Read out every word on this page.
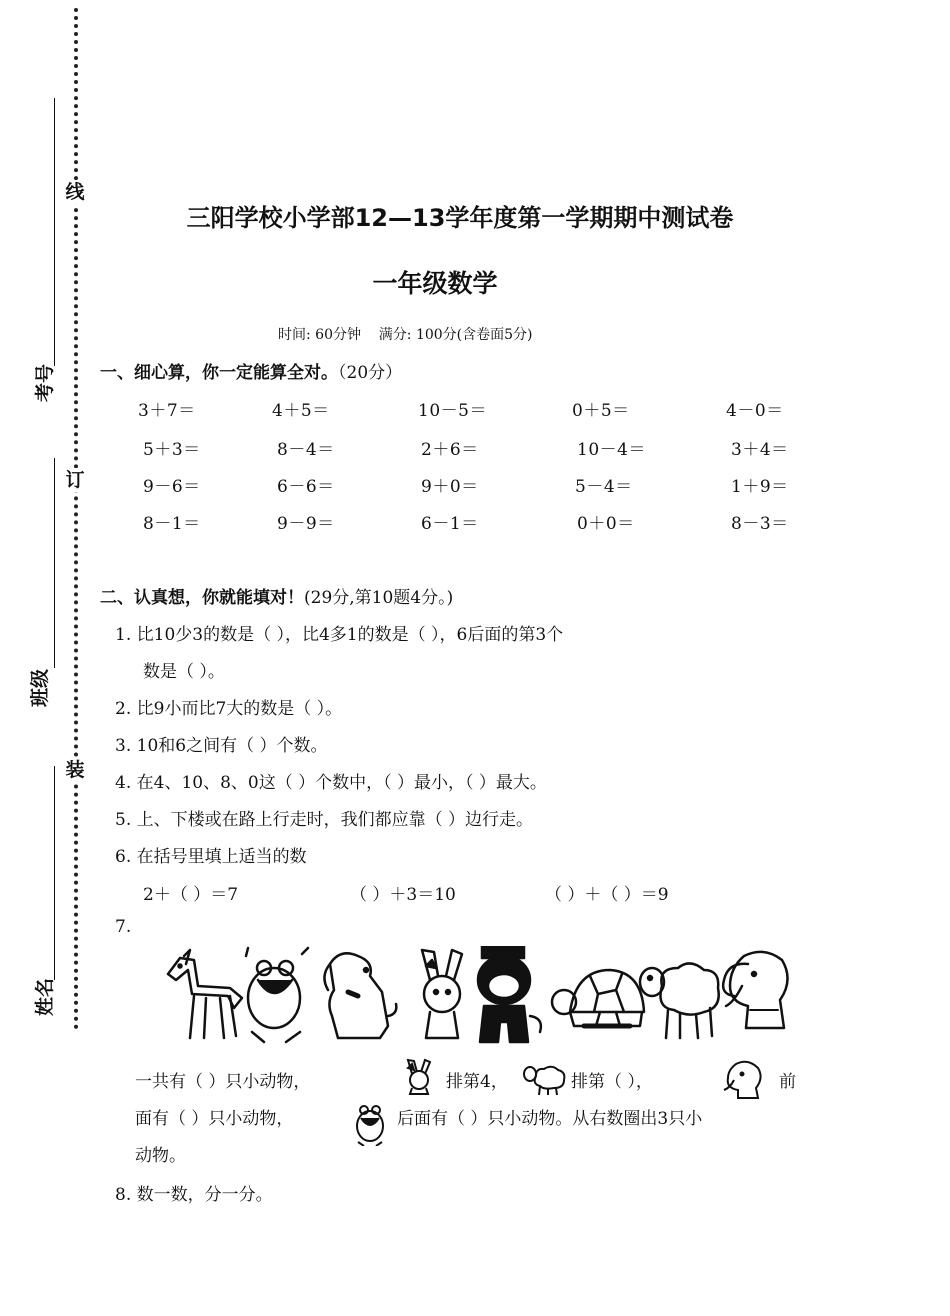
线
订
装
考号
班级
姓名
三阳学校小学部12—13学年度第一学期期中测试卷
一年级数学
时间: 60分钟    满分: 100分(含卷面5分)
一、细心算，你一定能算全对。（20分）
3＋7＝	4＋5＝	10－5＝	0＋5＝	4－0＝
5＋3＝	8－4＝	2＋6＝	10－4＝	3＋4＝
9－6＝	6－6＝	9＋0＝	5－4＝	1＋9＝
8－1＝	9－9＝	6－1＝	0＋0＝	8－3＝
二、认真想，你就能填对！(29分,第10题4分。)
1. 比10少3的数是（ ），比4多1的数是（ ），6后面的第3个
数是（ ）。
2. 比9小而比7大的数是（ ）。
3. 10和6之间有（ ）个数。
4. 在4、10、8、0这（ ）个数中，（ ）最小，（ ）最大。
5. 上、下楼或在路上行走时，我们都应靠（ ）边行走。
6. 在括号里填上适当的数
2＋（ ）＝7	（ ）＋3＝10	（ ）＋（ ）＝9
7.
一共有（ ）只小动物，	排第4，	排第（ ），	前
面有（ ）只小动物，	后面有（ ）只小动物。从右数圈出3只小
动物。
8. 数一数，分一分。
